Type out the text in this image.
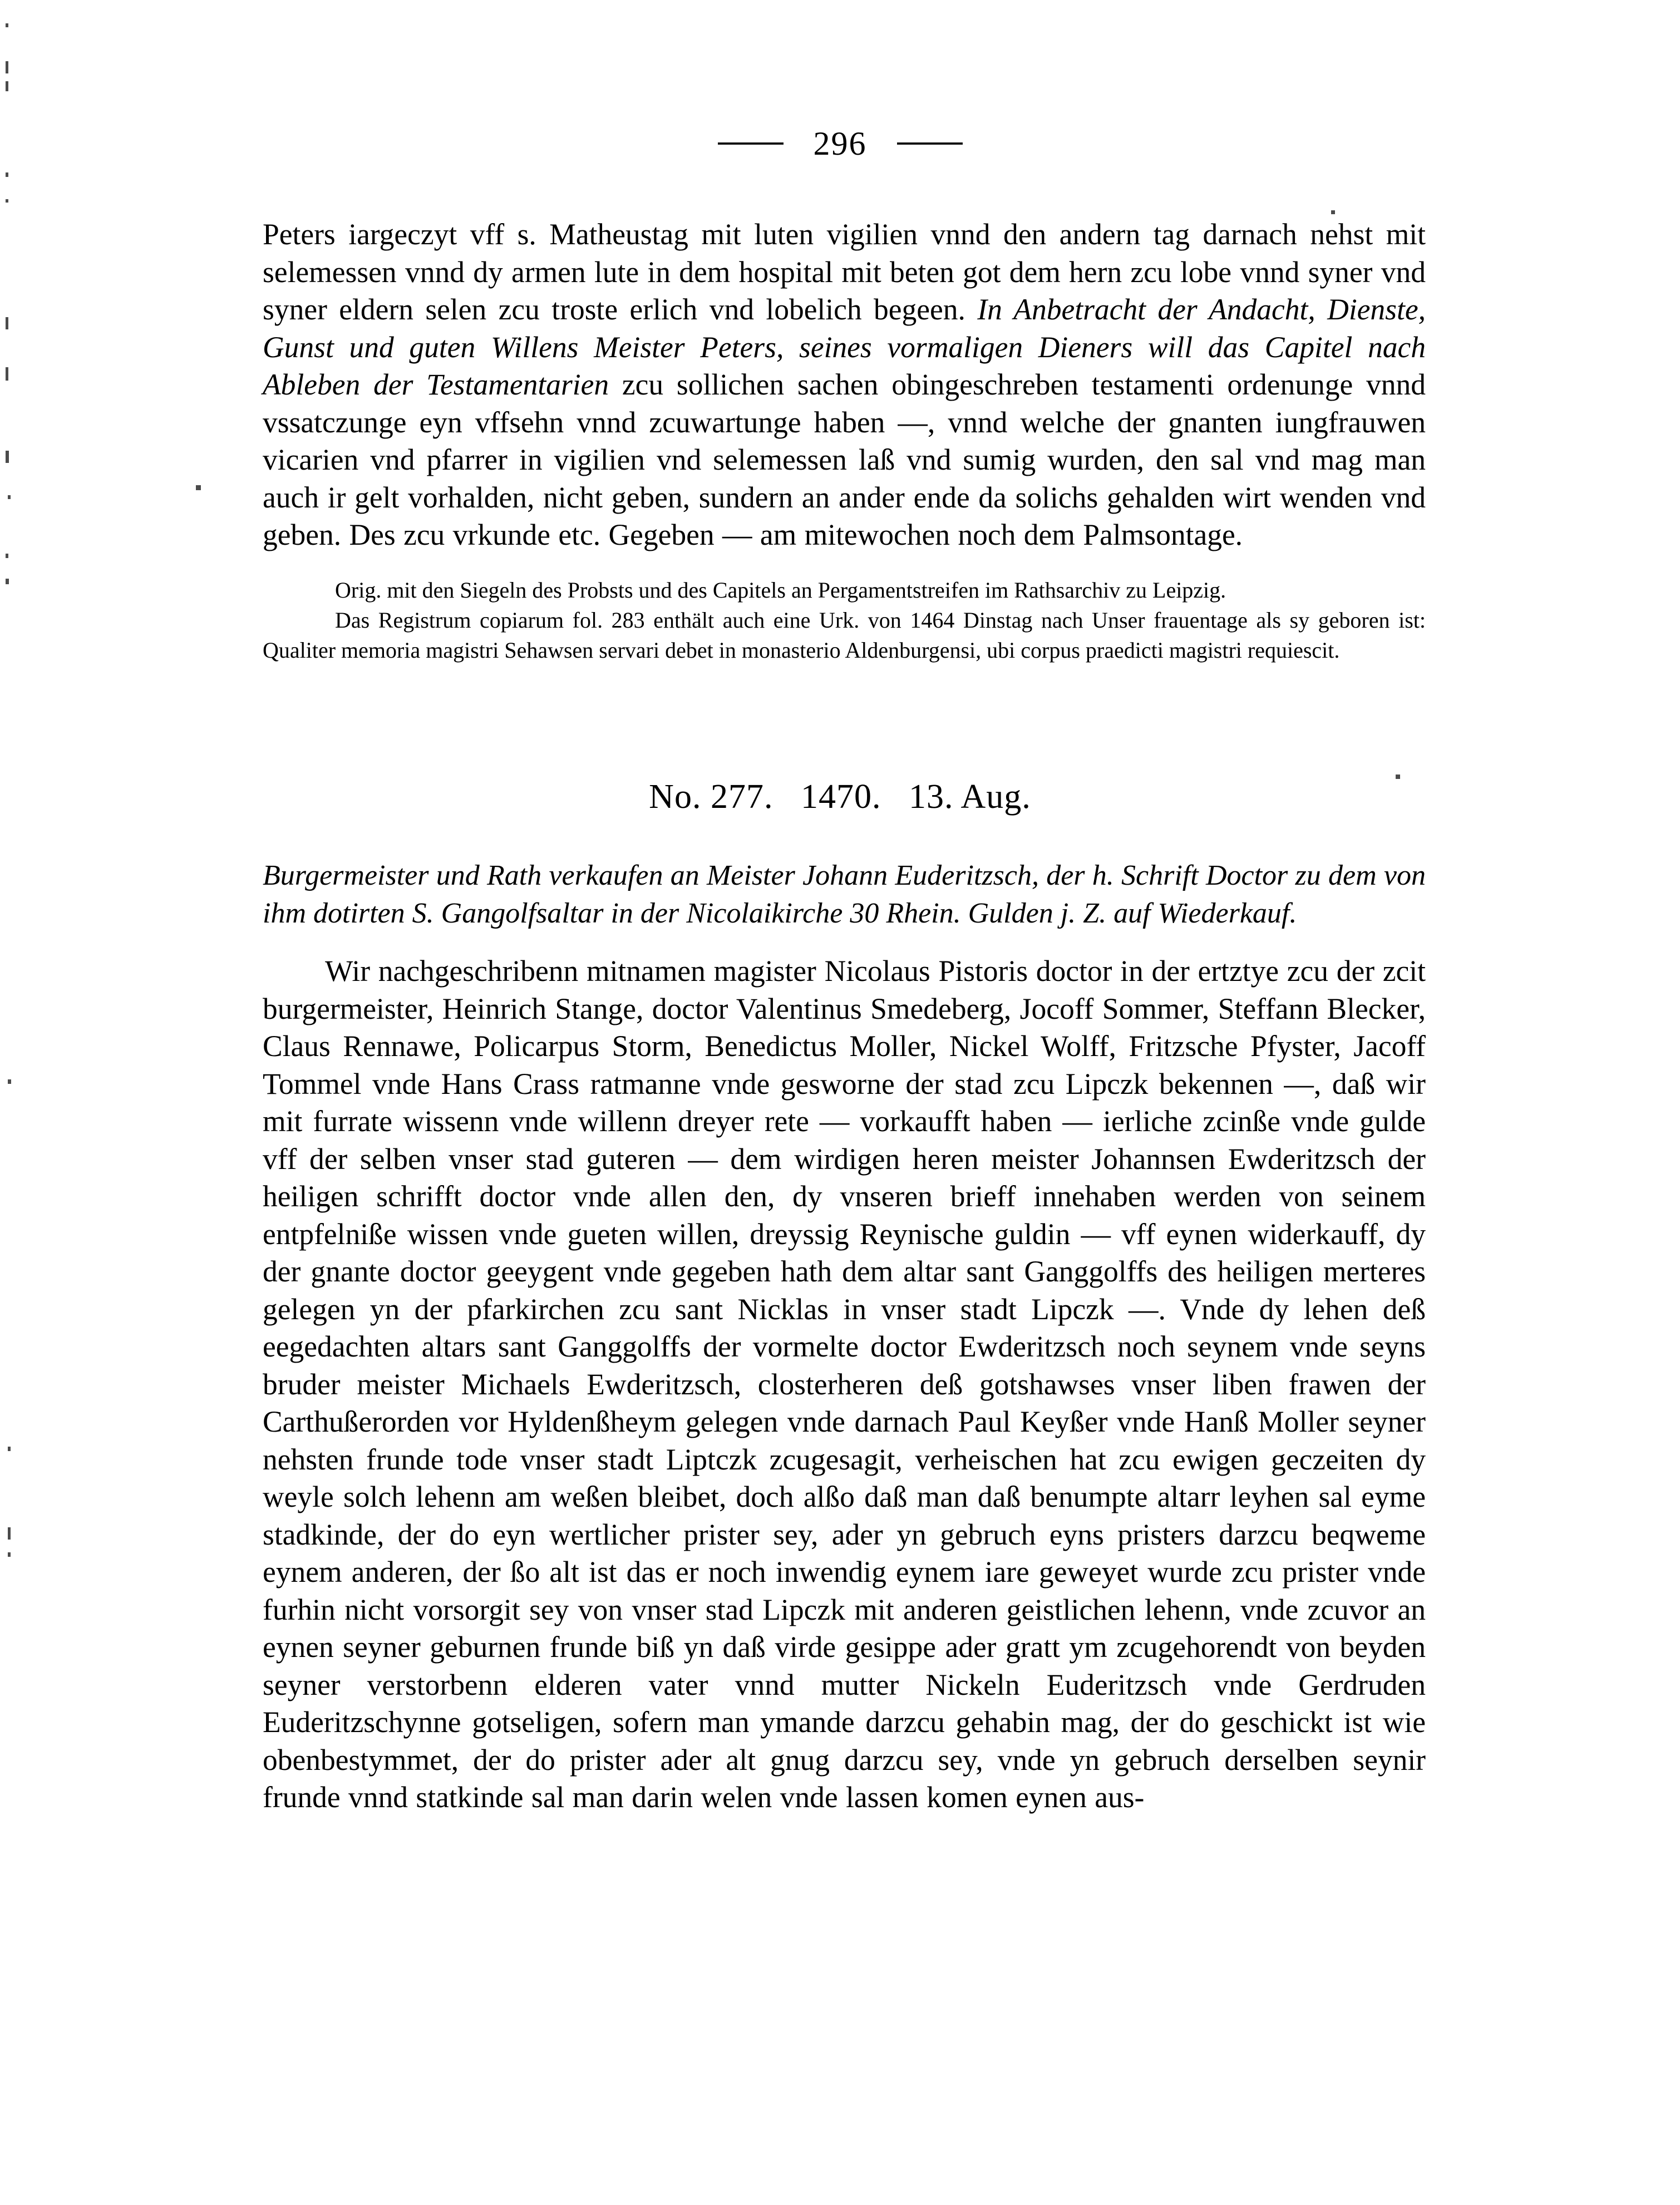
296
Peters iargeczyt vff s. Matheustag mit luten vigilien vnnd den andern tag darnach nehst mit selemessen vnnd dy armen lute in dem hospital mit beten got dem hern zcu lobe vnnd syner vnd syner eldern selen zcu troste erlich vnd lobelich begeen. In Anbetracht der Andacht, Dienste, Gunst und guten Willens Meister Peters, seines vormaligen Dieners will das Capitel nach Ableben der Testamentarien zcu sollichen sachen obingeschreben testamenti ordenunge vnnd vssatczunge eyn vffsehn vnnd zcuwartunge haben —, vnnd welche der gnanten iungfrauwen vicarien vnd pfarrer in vigilien vnd selemessen laß vnd sumig wurden, den sal vnd mag man auch ir gelt vorhalden, nicht geben, sundern an ander ende da solichs gehalden wirt wenden vnd geben. Des zcu vrkunde etc. Gegeben — am mitewochen noch dem Palmsontage.

Orig. mit den Siegeln des Probsts und des Capitels an Pergamentstreifen im Rathsarchiv zu Leipzig.

Das Registrum copiarum fol. 283 enthält auch eine Urk. von 1464 Dinstag nach Unser frauentage als sy geboren ist: Qualiter memoria magistri Sehawsen servari debet in monasterio Aldenburgensi, ubi corpus praedicti magistri requiescit.

No. 277.   1470.   13. Aug.
Burgermeister und Rath verkaufen an Meister Johann Euderitzsch, der h. Schrift Doctor zu dem von ihm dotirten S. Gangolfsaltar in der Nicolaikirche 30 Rhein. Gulden j. Z. auf Wiederkauf.
Wir nachgeschribenn mitnamen magister Nicolaus Pistoris doctor in der ertztye zcu der zcit burgermeister, Heinrich Stange, doctor Valentinus Smedeberg, Jocoff Sommer, Steffann Blecker, Claus Rennawe, Policarpus Storm, Benedictus Moller, Nickel Wolff, Fritzsche Pfyster, Jacoff Tommel vnde Hans Crass ratmanne vnde gesworne der stad zcu Lipczk bekennen —, daß wir mit furrate wissenn vnde willenn dreyer rete — vorkaufft haben — ierliche zcinße vnde gulde vff der selben vnser stad guteren — dem wirdigen heren meister Johannsen Ewderitzsch der heiligen schrifft doctor vnde allen den, dy vnseren brieff innehaben werden von seinem entpfelniße wissen vnde gueten willen, dreyssig Reynische guldin — vff eynen widerkauff, dy der gnante doctor geeygent vnde gegeben hath dem altar sant Ganggolffs des heiligen merteres gelegen yn der pfarkirchen zcu sant Nicklas in vnser stadt Lipczk —. Vnde dy lehen deß eegedachten altars sant Ganggolffs der vormelte doctor Ewderitzsch noch seynem vnde seyns bruder meister Michaels Ewderitzsch, closterheren deß gotshawses vnser liben frawen der Carthußerorden vor Hyldenßheym gelegen vnde darnach Paul Keyßer vnde Hanß Moller seyner nehsten frunde tode vnser stadt Liptczk zcugesagit, verheischen hat zcu ewigen geczeiten dy weyle solch lehenn am weßen bleibet, doch alßo daß man daß benumpte altarr leyhen sal eyme stadkinde, der do eyn wertlicher prister sey, ader yn gebruch eyns pristers darzcu beqweme eynem anderen, der ßo alt ist das er noch inwendig eynem iare geweyet wurde zcu prister vnde furhin nicht vorsorgit sey von vnser stad Lipczk mit anderen geistlichen lehenn, vnde zcuvor an eynen seyner geburnen frunde biß yn daß virde gesippe ader gratt ym zcugehorendt von beyden seyner verstorbenn elderen vater vnnd mutter Nickeln Euderitzsch vnde Gerdruden Euderitzschynne gotseligen, sofern man ymande darzcu gehabin mag, der do geschickt ist wie obenbestymmet, der do prister ader alt gnug darzcu sey, vnde yn gebruch derselben seynir frunde vnnd statkinde sal man darin welen vnde lassen komen eynen aus-
